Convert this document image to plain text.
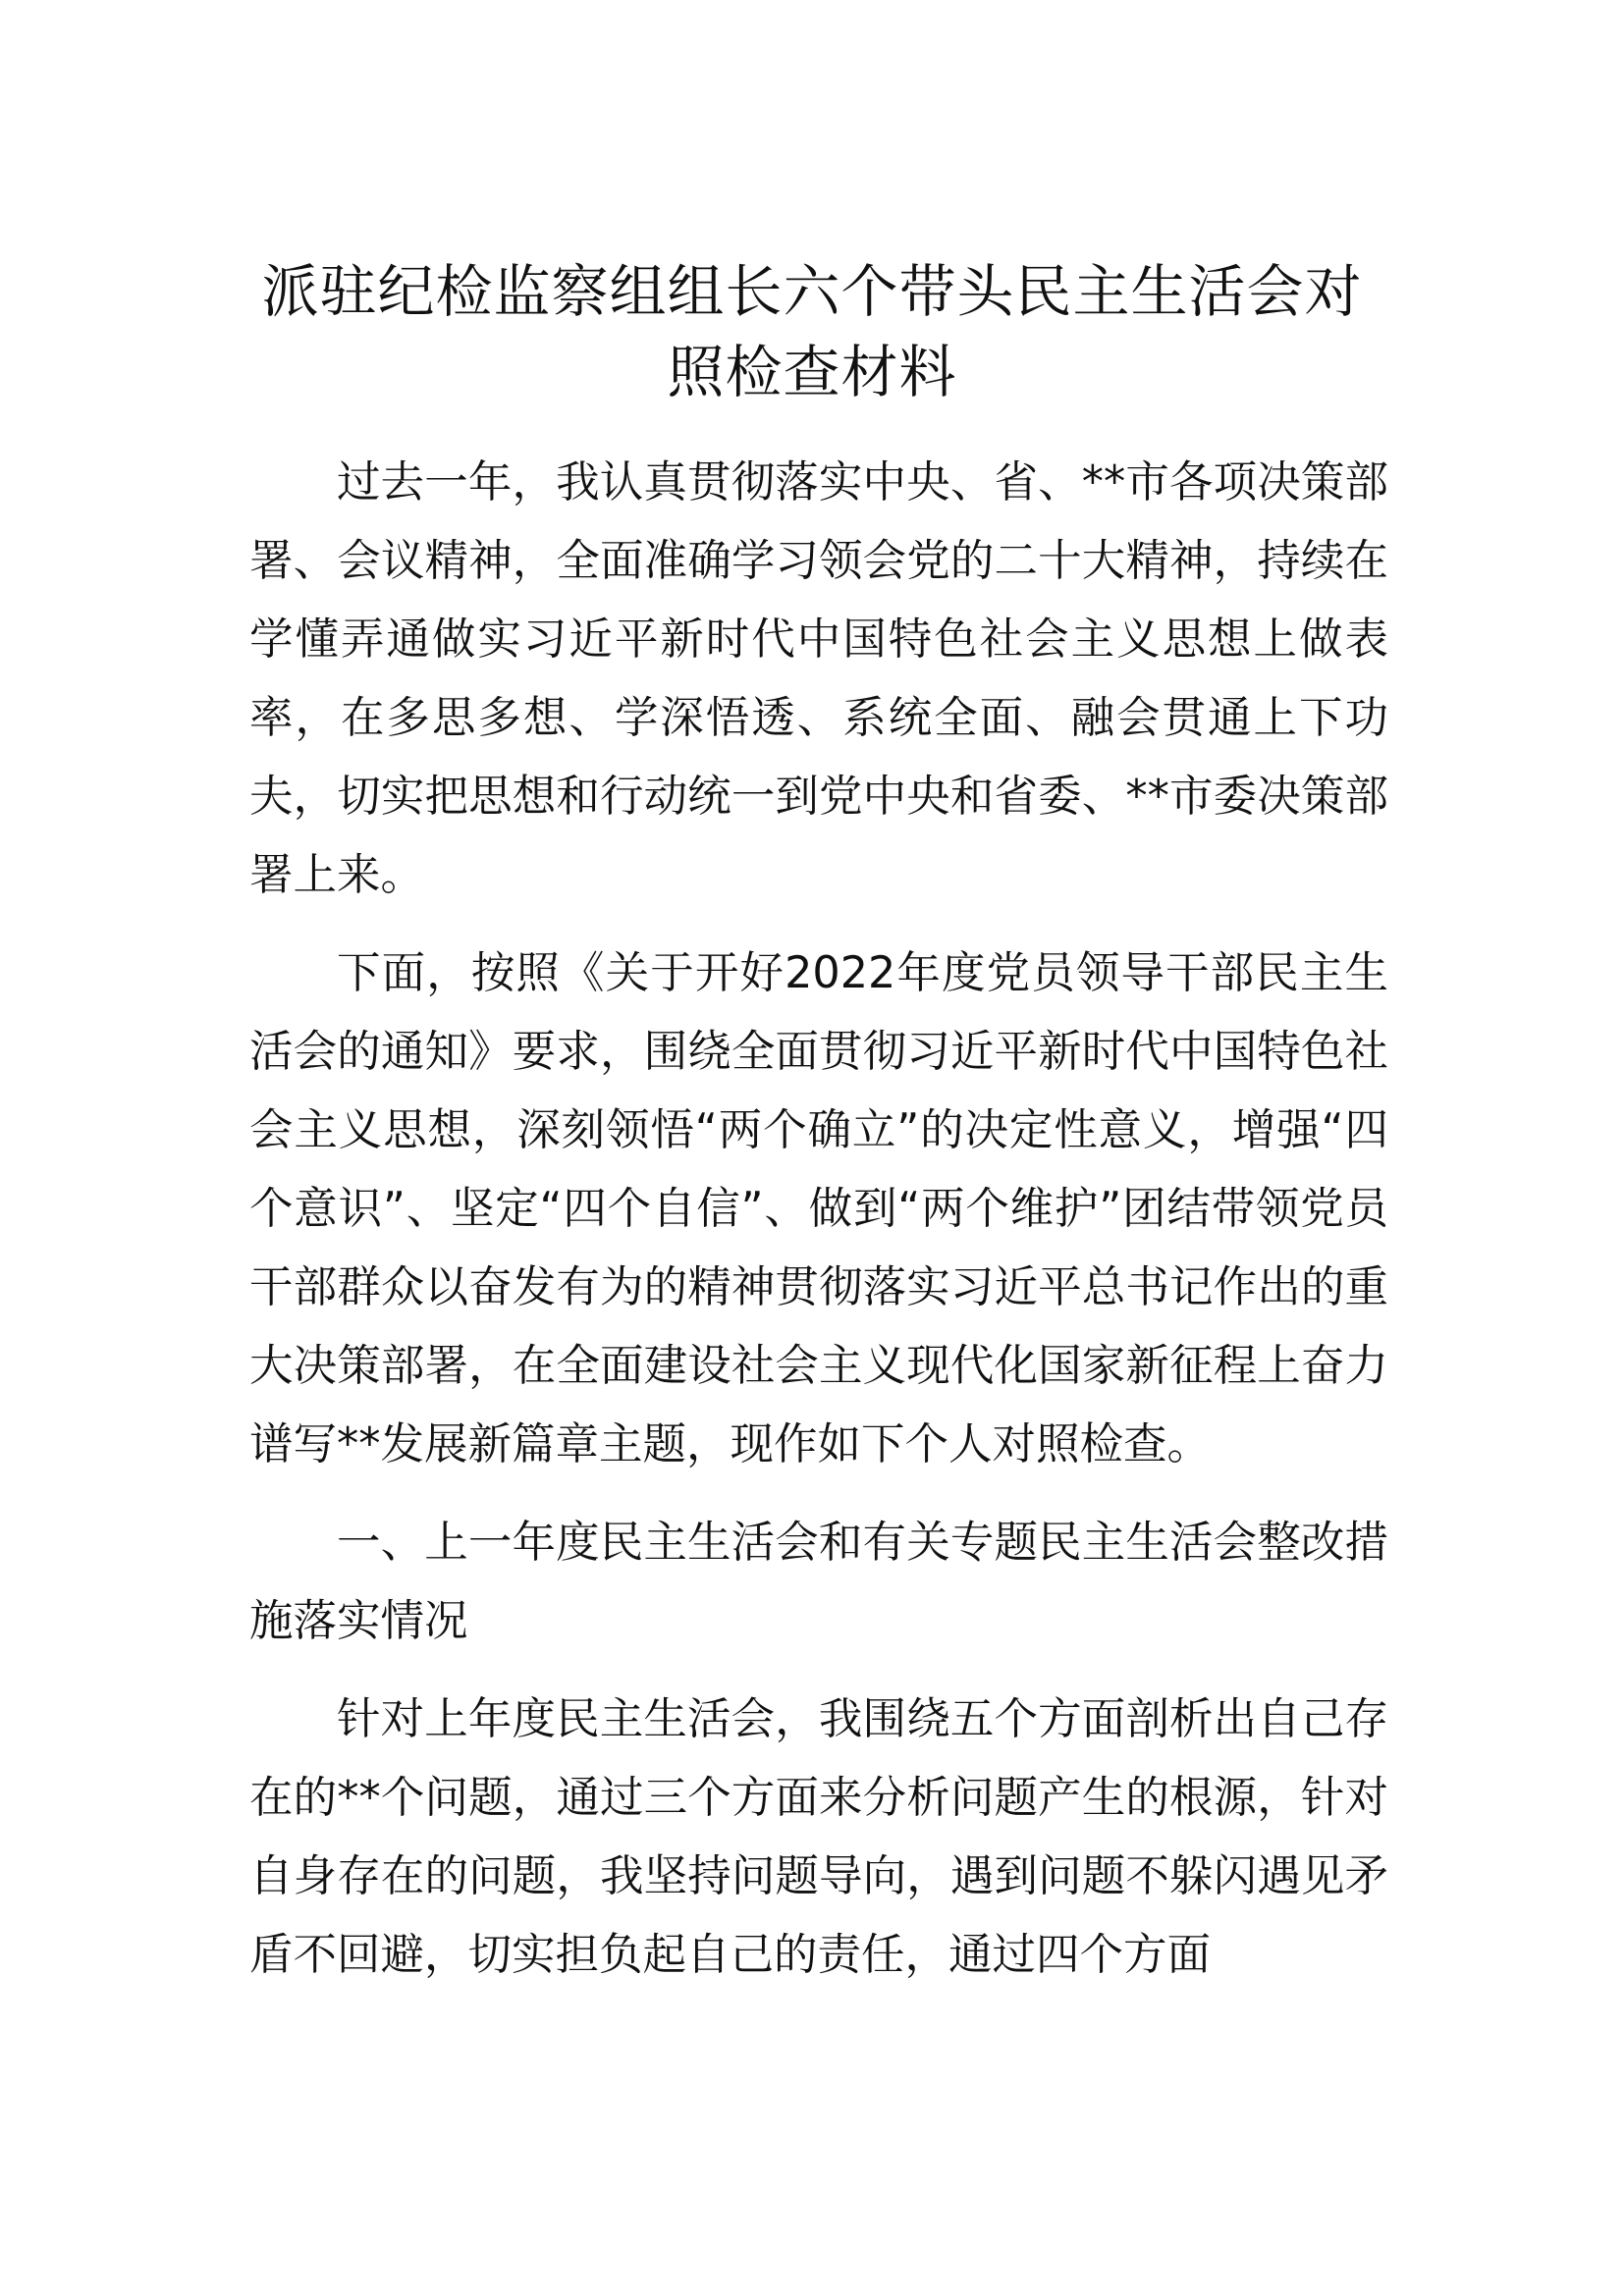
派驻纪检监察组组长六个带头民主生活会对
照检查材料

过去一年，我认真贯彻落实中央、省、**市各项决策部署、会议精神，全面准确学习领会党的二十大精神，持续在学懂弄通做实习近平新时代中国特色社会主义思想上做表率，在多思多想、学深悟透、系统全面、融会贯通上下功夫，切实把思想和行动统一到党中央和省委、**市委决策部署上来。

下面，按照《关于开好2022年度党员领导干部民主生活会的通知》要求，围绕全面贯彻习近平新时代中国特色社会主义思想，深刻领悟“两个确立”的决定性意义，增强“四个意识”、坚定“四个自信”、做到“两个维护”团结带领党员干部群众以奋发有为的精神贯彻落实习近平总书记作出的重大决策部署，在全面建设社会主义现代化国家新征程上奋力谱写**发展新篇章主题，现作如下个人对照检查。

一、上一年度民主生活会和有关专题民主生活会整改措施落实情况

针对上年度民主生活会，我围绕五个方面剖析出自己存在的**个问题，通过三个方面来分析问题产生的根源，针对自身存在的问题，我坚持问题导向，遇到问题不躲闪遇见矛盾不回避，切实担负起自己的责任，通过四个方面
